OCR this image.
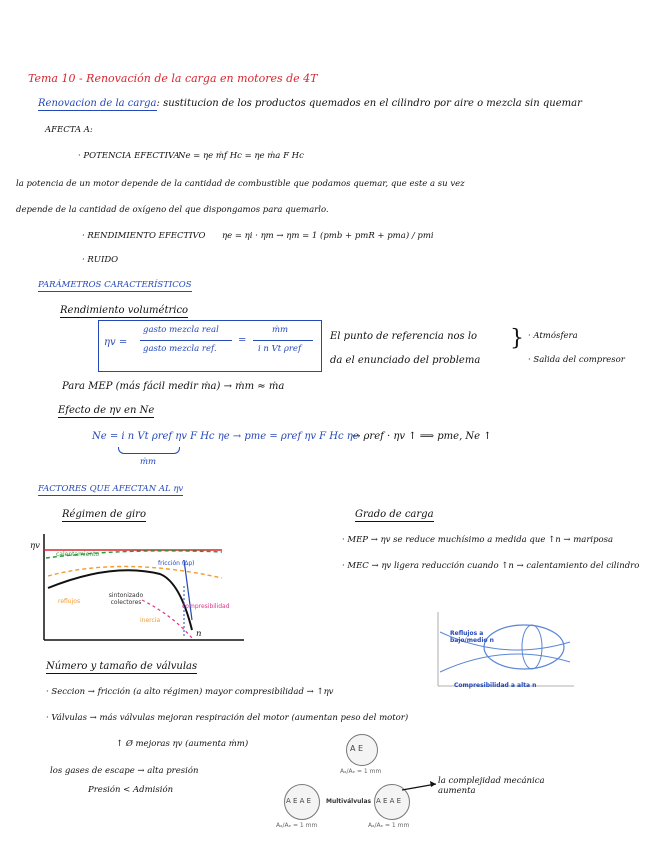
Tema 10 - Renovación de la carga en motores de 4T
Renovacion de la carga: sustitucion de los productos quemados en el cilindro por aire o mezcla sin quemar
AFECTA A:
· POTENCIA EFECTIVA
Ne = ηe ṁf Hc = ηe ṁa F Hc
la potencia de un motor depende de la cantidad de combustible que podamos quemar, que este a su vez
depende de la cantidad de oxígeno del que dispongamos para quemarlo.
· RENDIMIENTO EFECTIVO ηe = ηi · ηm → ηm = 1 (pmb + pmR + pma) / pmi
· RUIDO
PARÁMETROS CARACTERÍSTICOS
Rendimiento volumétrico
ηv =
gasto mezcla real
gasto mezcla ref.
=
ṁm
i n Vt ρref
El punto de referencia nos lo
da el enunciado del problema
} · Atmósfera
· Salida del compresor
Para MEP (más fácil medir ṁa) → ṁm ≈ ṁa
Efecto de ηv en Ne
Ne = i n Vt ρref ηv F Hc ηe → pme = ρref ηv F Hc ηe
ṁm
→ ρref · ηv ↑ ⟹ pme, Ne ↑
FACTORES QUE AFECTAN AL ηv
Régimen de giro	Grado de carga
· MEP → ηv se reduce muchísimo a medida que ↑n → mariposa
· MEC → ηv ligera reducción cuando ↑n → calentamiento del cilindro
ηv
n
calentamiento
fricción (Δp)
reflujos
sintonizado colectores
compresibilidad
inercia
Reflujos a bajo/medio n
Compresibilidad a alta n
Número y tamaño de válvulas
· Seccion → fricción (a alto régimen) mayor compresibilidad → ↑ηv
· Válvulas → más válvulas mejoran respiración del motor (aumentan peso del motor)
↑ Ø mejoras ηv (aumenta ṁm)
los gases de escape → alta presión
Presión < Admisión
A E
Aₐ/Aₑ = 1 mm
A E A E
Aₐ/Aₑ = 1 mm
A E A E
Aₐ/Aₑ = 1 mm
Multiválvulas
la complejidad mecánica aumenta
